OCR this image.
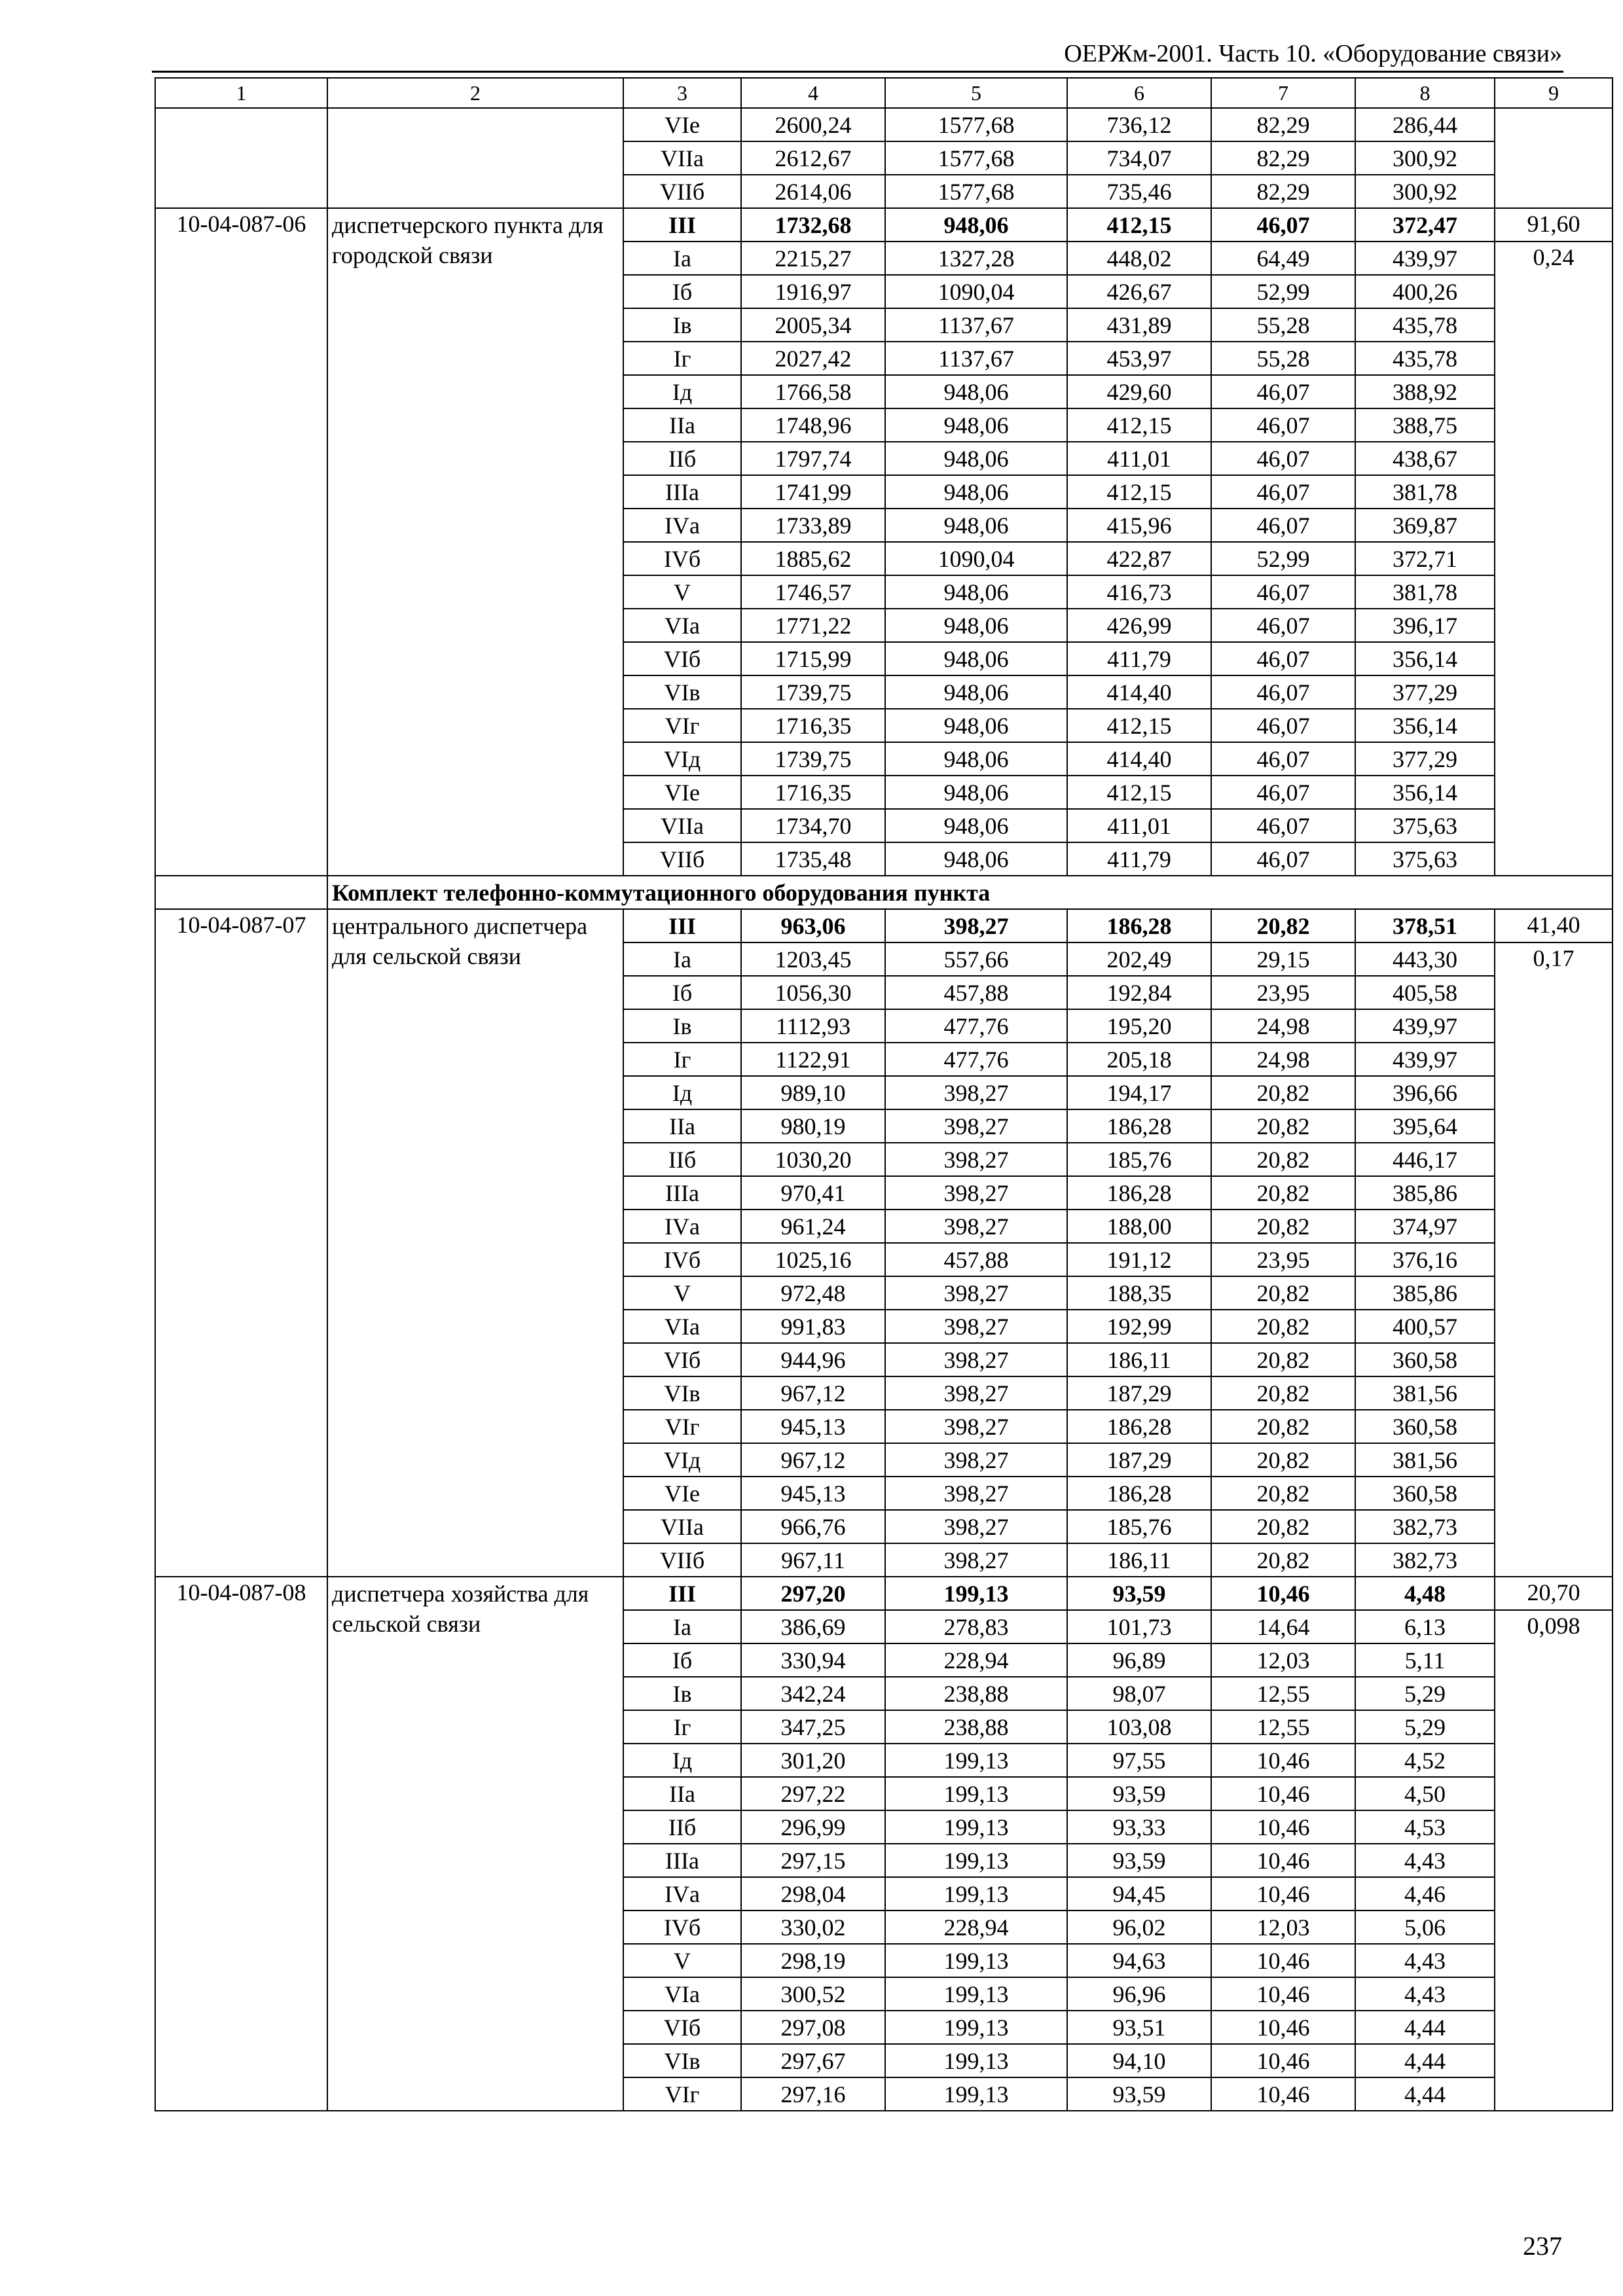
ОЕРЖм-2001. Часть 10. «Оборудование связи»
1	2	3	4	5	6	7	8	9
		VIе	2600,24	1577,68	736,12	82,29	286,44	
		VIIа	2612,67	1577,68	734,07	82,29	300,92	
		VIIб	2614,06	1577,68	735,46	82,29	300,92	
10-04-087-06	диспетчерского пункта для городской связи	III	1732,68	948,06	412,15	46,07	372,47	91,60
		Iа	2215,27	1327,28	448,02	64,49	439,97	0,24
		Iб	1916,97	1090,04	426,67	52,99	400,26	
		Iв	2005,34	1137,67	431,89	55,28	435,78	
		Iг	2027,42	1137,67	453,97	55,28	435,78	
		Iд	1766,58	948,06	429,60	46,07	388,92	
		IIа	1748,96	948,06	412,15	46,07	388,75	
		IIб	1797,74	948,06	411,01	46,07	438,67	
		IIIа	1741,99	948,06	412,15	46,07	381,78	
		IVа	1733,89	948,06	415,96	46,07	369,87	
		IVб	1885,62	1090,04	422,87	52,99	372,71	
		V	1746,57	948,06	416,73	46,07	381,78	
		VIа	1771,22	948,06	426,99	46,07	396,17	
		VIб	1715,99	948,06	411,79	46,07	356,14	
		VIв	1739,75	948,06	414,40	46,07	377,29	
		VIг	1716,35	948,06	412,15	46,07	356,14	
		VIд	1739,75	948,06	414,40	46,07	377,29	
		VIе	1716,35	948,06	412,15	46,07	356,14	
		VIIа	1734,70	948,06	411,01	46,07	375,63	
		VIIб	1735,48	948,06	411,79	46,07	375,63	
	Комплект телефонно-коммутационного оборудования пункта							
10-04-087-07	центрального диспетчера для сельской связи	III	963,06	398,27	186,28	20,82	378,51	41,40
		Iа	1203,45	557,66	202,49	29,15	443,30	0,17
		Iб	1056,30	457,88	192,84	23,95	405,58	
		Iв	1112,93	477,76	195,20	24,98	439,97	
		Iг	1122,91	477,76	205,18	24,98	439,97	
		Iд	989,10	398,27	194,17	20,82	396,66	
		IIа	980,19	398,27	186,28	20,82	395,64	
		IIб	1030,20	398,27	185,76	20,82	446,17	
		IIIа	970,41	398,27	186,28	20,82	385,86	
		IVа	961,24	398,27	188,00	20,82	374,97	
		IVб	1025,16	457,88	191,12	23,95	376,16	
		V	972,48	398,27	188,35	20,82	385,86	
		VIа	991,83	398,27	192,99	20,82	400,57	
		VIб	944,96	398,27	186,11	20,82	360,58	
		VIв	967,12	398,27	187,29	20,82	381,56	
		VIг	945,13	398,27	186,28	20,82	360,58	
		VIд	967,12	398,27	187,29	20,82	381,56	
		VIе	945,13	398,27	186,28	20,82	360,58	
		VIIа	966,76	398,27	185,76	20,82	382,73	
		VIIб	967,11	398,27	186,11	20,82	382,73	
10-04-087-08	диспетчера хозяйства для сельской связи	III	297,20	199,13	93,59	10,46	4,48	20,70
		Iа	386,69	278,83	101,73	14,64	6,13	0,098
		Iб	330,94	228,94	96,89	12,03	5,11	
		Iв	342,24	238,88	98,07	12,55	5,29	
		Iг	347,25	238,88	103,08	12,55	5,29	
		Iд	301,20	199,13	97,55	10,46	4,52	
		IIа	297,22	199,13	93,59	10,46	4,50	
		IIб	296,99	199,13	93,33	10,46	4,53	
		IIIа	297,15	199,13	93,59	10,46	4,43	
		IVа	298,04	199,13	94,45	10,46	4,46	
		IVб	330,02	228,94	96,02	12,03	5,06	
		V	298,19	199,13	94,63	10,46	4,43	
		VIа	300,52	199,13	96,96	10,46	4,43	
		VIб	297,08	199,13	93,51	10,46	4,44	
		VIв	297,67	199,13	94,10	10,46	4,44	
		VIг	297,16	199,13	93,59	10,46	4,44	
237
